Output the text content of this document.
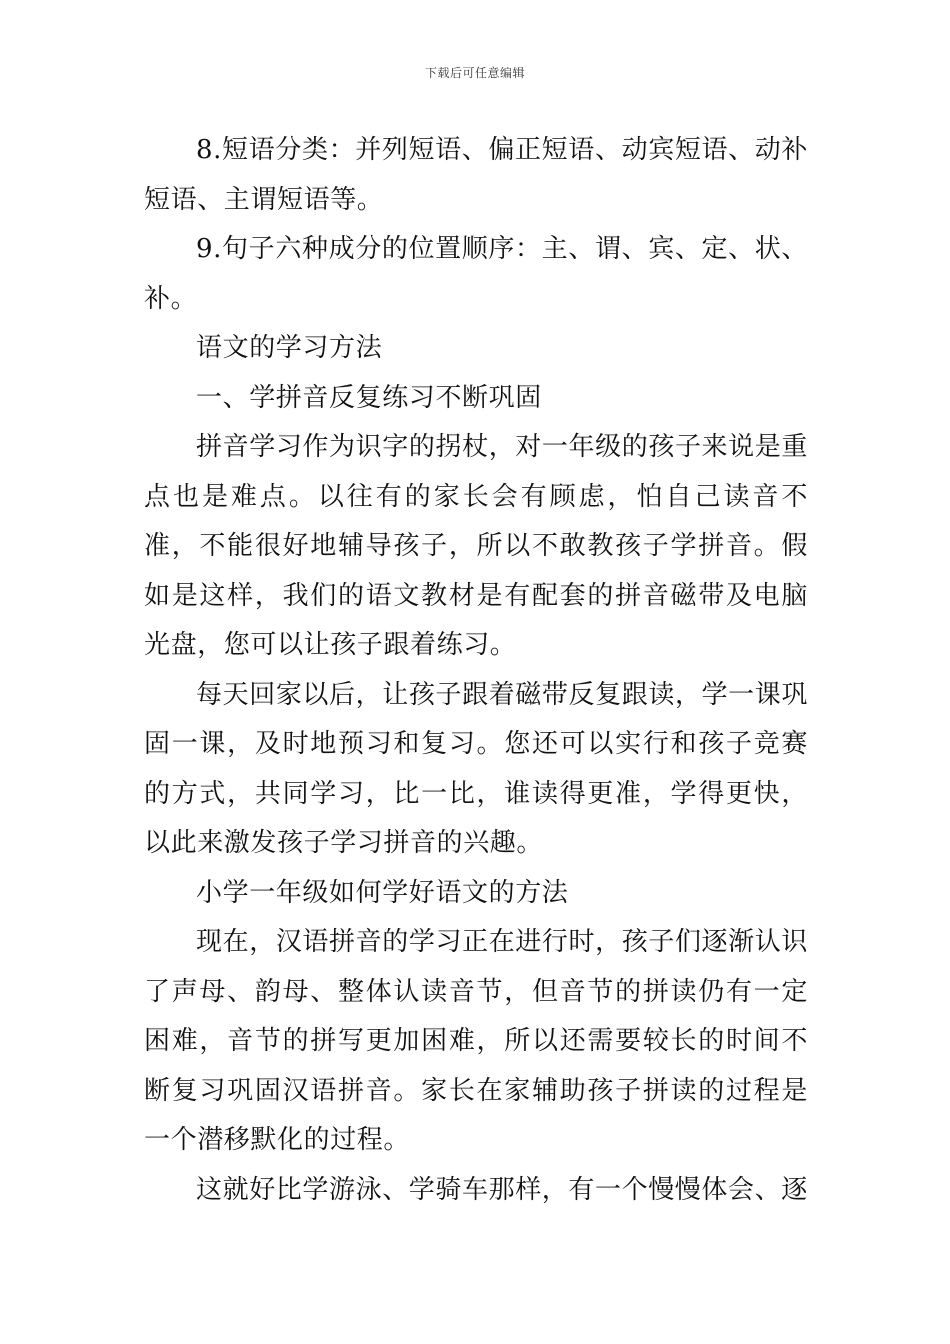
下载后可任意编辑

8.短语分类：并列短语、偏正短语、动宾短语、动补短语、主谓短语等。

9.句子六种成分的位置顺序：主、谓、宾、定、状、补。

语文的学习方法

一、学拼音反复练习不断巩固

拼音学习作为识字的拐杖，对一年级的孩子来说是重点也是难点。以往有的家长会有顾虑，怕自己读音不准，不能很好地辅导孩子，所以不敢教孩子学拼音。假如是这样，我们的语文教材是有配套的拼音磁带及电脑光盘，您可以让孩子跟着练习。

每天回家以后，让孩子跟着磁带反复跟读，学一课巩固一课，及时地预习和复习。您还可以实行和孩子竞赛的方式，共同学习，比一比，谁读得更准，学得更快，以此来激发孩子学习拼音的兴趣。

小学一年级如何学好语文的方法

现在，汉语拼音的学习正在进行时，孩子们逐渐认识了声母、韵母、整体认读音节，但音节的拼读仍有一定困难，音节的拼写更加困难，所以还需要较长的时间不断复习巩固汉语拼音。家长在家辅助孩子拼读的过程是一个潜移默化的过程。

这就好比学游泳、学骑车那样，有一个慢慢体会、逐
